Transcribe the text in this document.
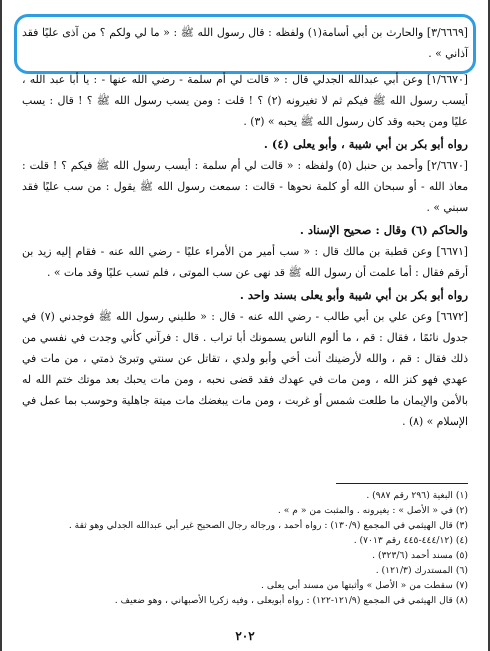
[٣/٦٦٦٩] والحارث بن أبي أسامة(١) ولفظه : قال رسول الله ﷺ : « ما لي ولكم ؟ من آذى عليًا فقد آذاني » .

[١/٦٦٧٠] وعن أبي عبدالله الجدلي قال : « قالت لي أم سلمة - رضي الله عنها - : يا أبا عبد الله ، أيسب رسول الله ﷺ فيكم ثم لا تغيرونه (٢) ؟ ! قلت : ومن يسب رسول الله ﷺ ؟ ! قال : يسب عليًا ومن يحبه وقد كان رسول الله ﷺ يحبه » (٣) .

رواه أبو بكر بن أبي شيبة ، وأبو يعلى (٤) .

[٢/٦٦٧٠] وأحمد بن حنبل (٥) ولفظه : « قالت لي أم سلمة : أيسب رسول الله ﷺ فيكم ؟ ! قلت : معاذ الله - أو سبحان الله أو كلمة نحوها - قالت : سمعت رسول الله ﷺ يقول : من سب عليًا فقد سبني » .

والحاكم (٦) وقال : صحيح الإسناد .

[٦٦٧١] وعن قطبة بن مالك قال : « سب أمير من الأمراء عليًا - رضي الله عنه - فقام إليه زيد بن أرقم فقال : أما علمت أن رسول الله ﷺ قد نهى عن سب الموتى ، فلم تسب عليًا وقد مات » .

رواه أبو بكر بن أبي شيبة وأبو يعلى بسند واحد .

[٦٦٧٢] وعن علي بن أبي طالب - رضي الله عنه - قال : « طلبني رسول الله ﷺ فوجدني (٧) في جدول نائمًا ، فقال : قم ، ما ألوم الناس يسمونك أبا تراب . قال : فرآني كأني وجدت في نفسي من ذلك فقال : قم ، والله لأرضينك أنت أخي وأبو ولدي ، تقاتل عن سنتي وتبرئ ذمتي ، من مات في عهدي فهو كنز الله ، ومن مات في عهدك فقد قضى نحبه ، ومن مات يحبك بعد موتك ختم الله له بالأمن والإيمان ما طلعت شمس أو غربت ، ومن مات يبغضك مات ميتة جاهلية وحوسب بما عمل في الإسلام » (٨) .

(١) البغية (٢٩٦ رقم ٩٨٧) .
(٢) في « الأصل » : يغيرونه . والمثبت من « م » .
(٣) قال الهيثمي في المجمع (١٣٠/٩) : رواه أحمد ، ورجاله رجال الصحيح غير أبي عبدالله الجدلي وهو ثقة .
(٤) (٤٤٤/١٢-٤٤٥ رقم ٧٠١٣) .
(٥) مسند أحمد (٣٢٣/٦) .
(٦) المستدرك (١٢١/٣) .
(٧) سقطت من « الأصل » وأثبتها من مسند أبي يعلى .
(٨) قال الهيثمي في المجمع (١٢١/٩-١٢٢) : رواه أبويعلى ، وفيه زكريا الأصبهاني ، وهو ضعيف .
٢٠٢
